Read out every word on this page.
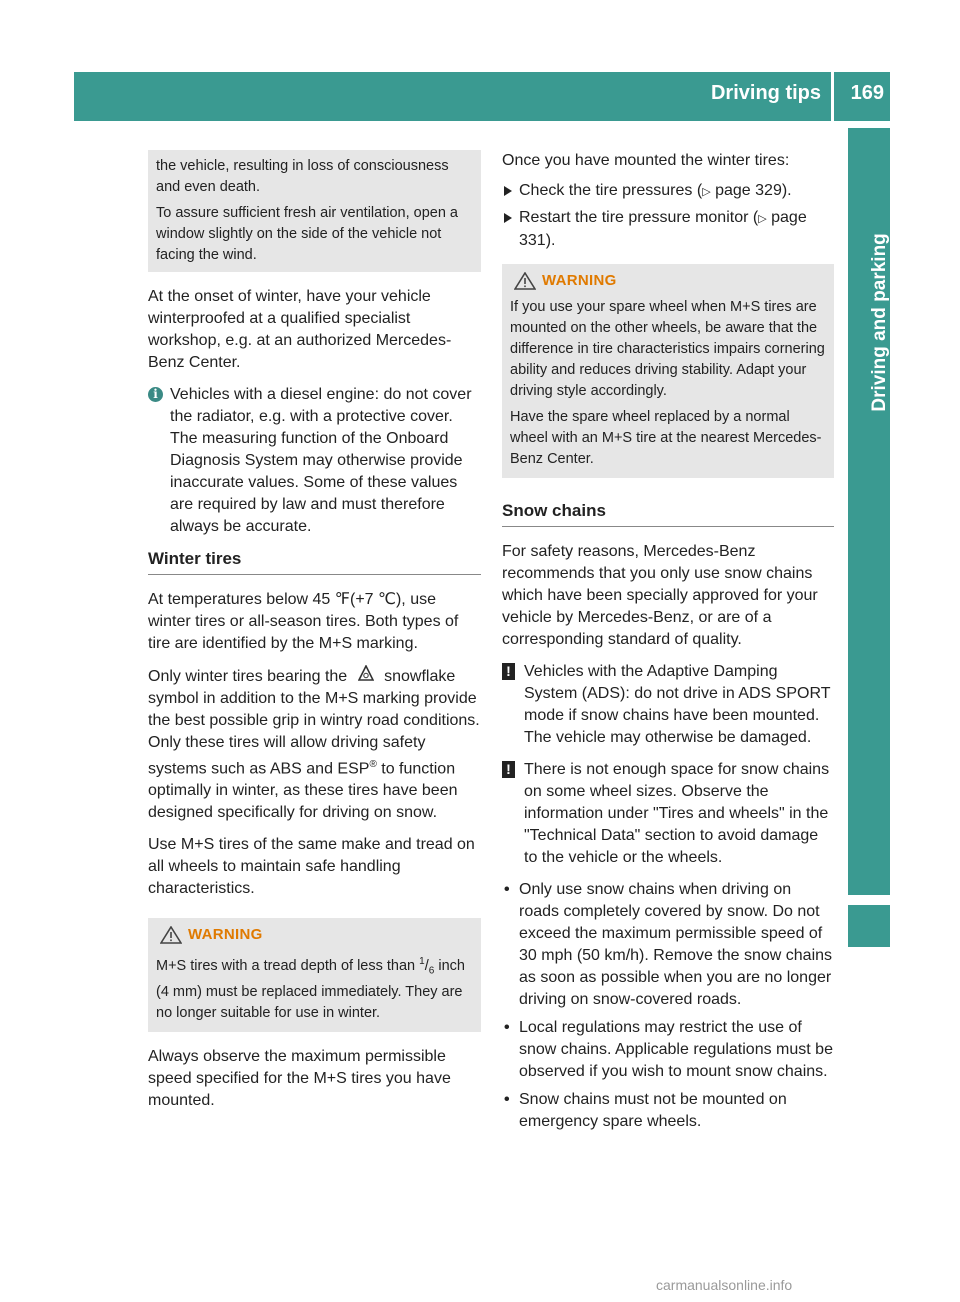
Driving tips 169
Driving and parking

the vehicle, resulting in loss of consciousness and even death.

To assure sufficient fresh air ventilation, open a window slightly on the side of the vehicle not facing the wind.

At the onset of winter, have your vehicle winterproofed at a qualified specialist workshop, e.g. at an authorized Mercedes-Benz Center.

i Vehicles with a diesel engine: do not cover the radiator, e.g. with a protective cover. The measuring function of the Onboard Diagnosis System may otherwise provide inaccurate values. Some of these values are required by law and must therefore always be accurate.
Winter tires

At temperatures below 45 ℉(+7 ℃), use winter tires or all-season tires. Both types of tire are identified by the M+S marking.

Only winter tires bearing the snowflake symbol in addition to the M+S marking provide the best possible grip in wintry road conditions. Only these tires will allow driving safety systems such as ABS and ESP® to function optimally in winter, as these tires have been designed specifically for driving on snow.

Use M+S tires of the same make and tread on all wheels to maintain safe handling characteristics.

WARNING

M+S tires with a tread depth of less than $^1/_6$ inch (4 mm) must be replaced immediately. They are no longer suitable for use in winter.

Always observe the maximum permissible speed specified for the M+S tires you have mounted.

Once you have mounted the winter tires:

Check the tire pressures (▷ page 329).
Restart the tire pressure monitor (▷ page 331).
WARNING

If you use your spare wheel when M+S tires are mounted on the other wheels, be aware that the difference in tire characteristics impairs cornering ability and reduces driving stability. Adapt your driving style accordingly.

Have the spare wheel replaced by a normal wheel with an M+S tire at the nearest Mercedes-Benz Center.

Snow chains

For safety reasons, Mercedes-Benz recommends that you only use snow chains which have been specially approved for your vehicle by Mercedes-Benz, or are of a corresponding standard of quality.

! Vehicles with the Adaptive Damping System (ADS): do not drive in ADS SPORT mode if snow chains have been mounted. The vehicle may otherwise be damaged.
! There is not enough space for snow chains on some wheel sizes. Observe the information under "Tires and wheels" in the "Technical Data" section to avoid damage to the vehicle or the wheels.
• Only use snow chains when driving on roads completely covered by snow. Do not exceed the maximum permissible speed of 30 mph (50 km/h). Remove the snow chains as soon as possible when you are no longer driving on snow-covered roads.
• Local regulations may restrict the use of snow chains. Applicable regulations must be observed if you wish to mount snow chains.
• Snow chains must not be mounted on emergency spare wheels.
carmanualsonline.info
